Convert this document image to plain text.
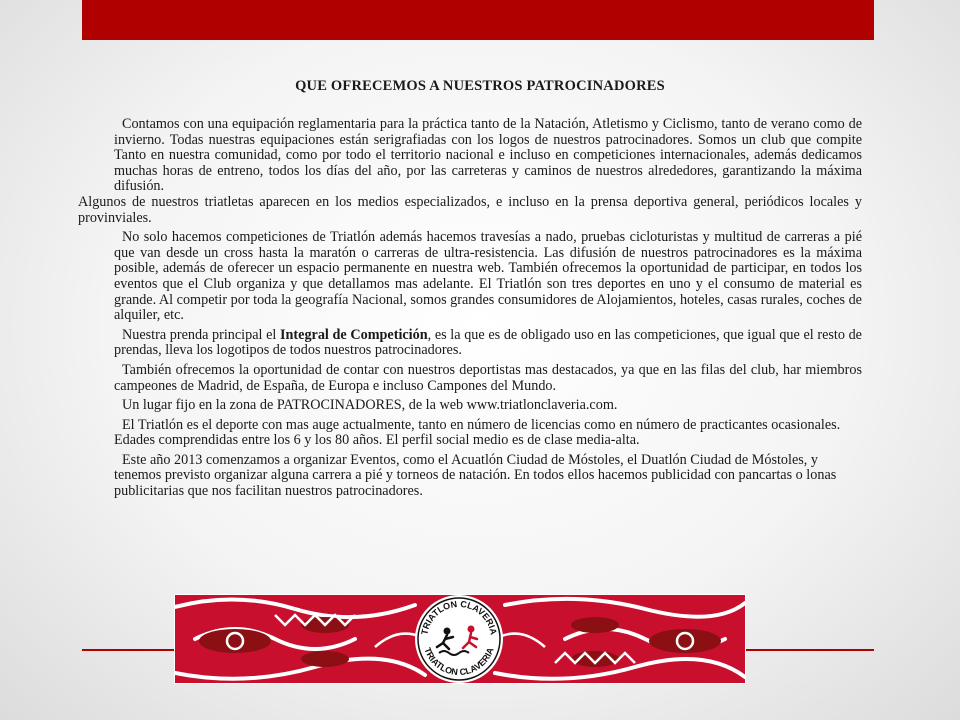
QUE OFRECEMOS A NUESTROS PATROCINADORES

Contamos con una equipación reglamentaria para la práctica tanto de la Natación, Atletismo y Ciclismo, tanto de verano como de invierno. Todas nuestras equipaciones están serigrafiadas con los logos de nuestros patrocinadores. Somos un club que compite Tanto en nuestra comunidad, como por todo el territorio nacional e incluso en competiciones internacionales, además dedicamos muchas horas de entreno, todos los días del año, por las carreteras y caminos de nuestros alrededores, garantizando la máxima difusión.

Algunos de nuestros triatletas aparecen en los medios especializados, e incluso en la prensa deportiva general, periódicos locales y provinviales.

No solo hacemos competiciones de Triatlón además hacemos travesías a nado, pruebas cicloturistas y multitud de carreras a pié que van desde un cross hasta la maratón o carreras de ultra-resistencia. Las difusión de nuestros patrocinadores es la máxima posible, además de oferecer un espacio permanente en nuestra web. También ofrecemos la oportunidad de participar, en todos los eventos que el Club organiza y que detallamos mas adelante. El Triatlón son tres deportes en uno y el consumo de material es grande. Al competir por toda la geografía Nacional, somos grandes consumidores de Alojamientos, hoteles, casas rurales, coches de alquiler, etc.

Nuestra prenda principal el Integral de Competición, es la que es de obligado uso en las competiciones, que igual que el resto de prendas, lleva los logotipos de todos nuestros patrocinadores.

También ofrecemos la oportunidad de contar con nuestros deportistas mas destacados, ya que en las filas del club, har miembros campeones de Madrid, de España, de Europa e incluso Campones del Mundo.

Un lugar fijo en la zona de PATROCINADORES, de la web www.triatlonclaveria.com.

El Triatlón es el deporte con mas auge actualmente, tanto en número de licencias como en número de practicantes ocasionales. Edades comprendidas entre los 6 y los 80 años. El perfil social medio es de clase media-alta.

Este año 2013 comenzamos a organizar Eventos, como el Acuatlón Ciudad de Móstoles, el Duatlón Ciudad de Móstoles, y tenemos previsto organizar alguna carrera a pié y torneos de natación. En todos ellos hacemos publicidad con pancartas o lonas publicitarias que nos facilitan nuestros patrocinadores.

TRIATLON CLAVERIA
TRIATLON CLAVERIA
